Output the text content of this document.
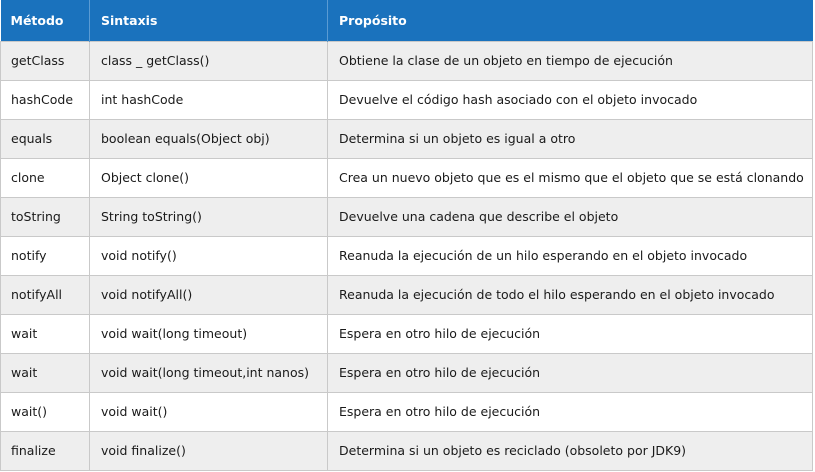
Método	Sintaxis	Propósito
getClass	class _ getClass()	Obtiene la clase de un objeto en tiempo de ejecución
hashCode	int hashCode	Devuelve el código hash asociado con el objeto invocado
equals	boolean equals(Object obj)	Determina si un objeto es igual a otro
clone	Object clone()	Crea un nuevo objeto que es el mismo que el objeto que se está clonando
toString	String toString()	Devuelve una cadena que describe el objeto
notify	void notify()	Reanuda la ejecución de un hilo esperando en el objeto invocado
notifyAll	void notifyAll()	Reanuda la ejecución de todo el hilo esperando en el objeto invocado
wait	void wait(long timeout)	Espera en otro hilo de ejecución
wait	void wait(long timeout,int nanos)	Espera en otro hilo de ejecución
wait()	void wait()	Espera en otro hilo de ejecución
finalize	void finalize()	Determina si un objeto es reciclado (obsoleto por JDK9)
